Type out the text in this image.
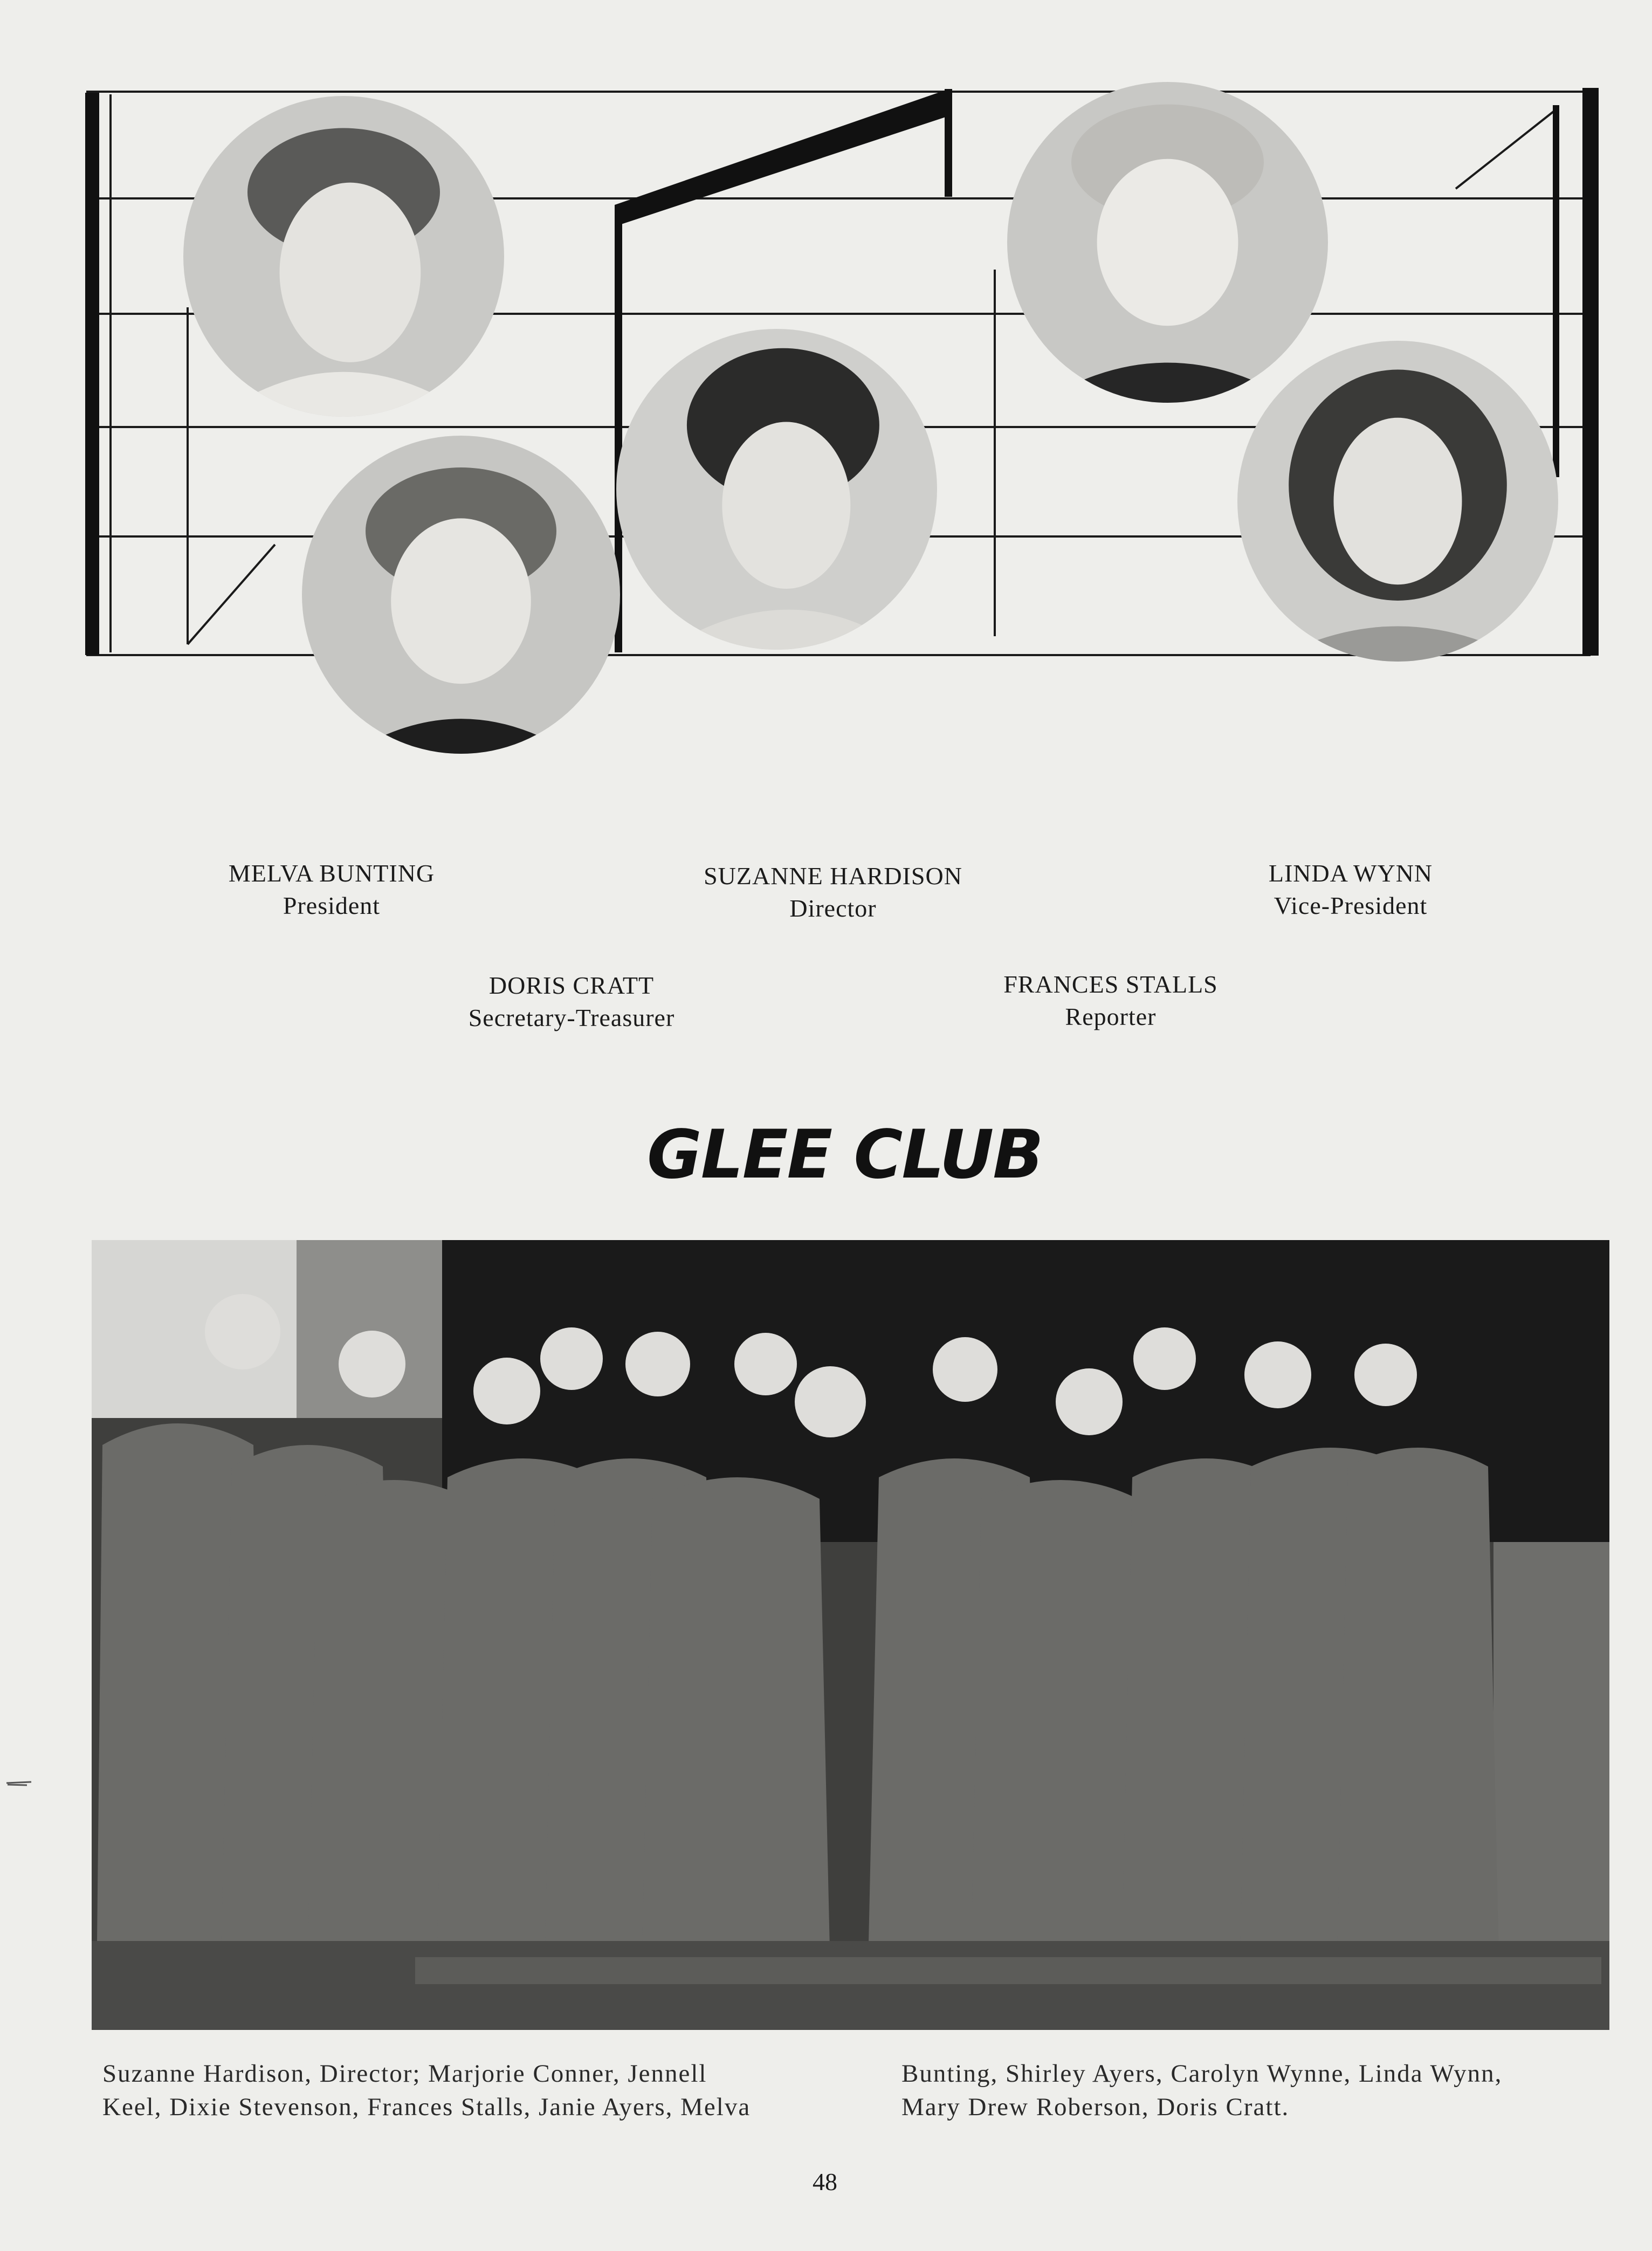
MELVA BUNTING
President
SUZANNE HARDISON
Director
LINDA WYNN
Vice-President
DORIS CRATT
Secretary-Treasurer
FRANCES STALLS
Reporter
GLEE CLUB
Suzanne Hardison, Director; Marjorie Conner, Jennell
Keel, Dixie Stevenson, Frances Stalls, Janie Ayers, Melva
Bunting, Shirley Ayers, Carolyn Wynne, Linda Wynn,
Mary Drew Roberson, Doris Cratt.
48
